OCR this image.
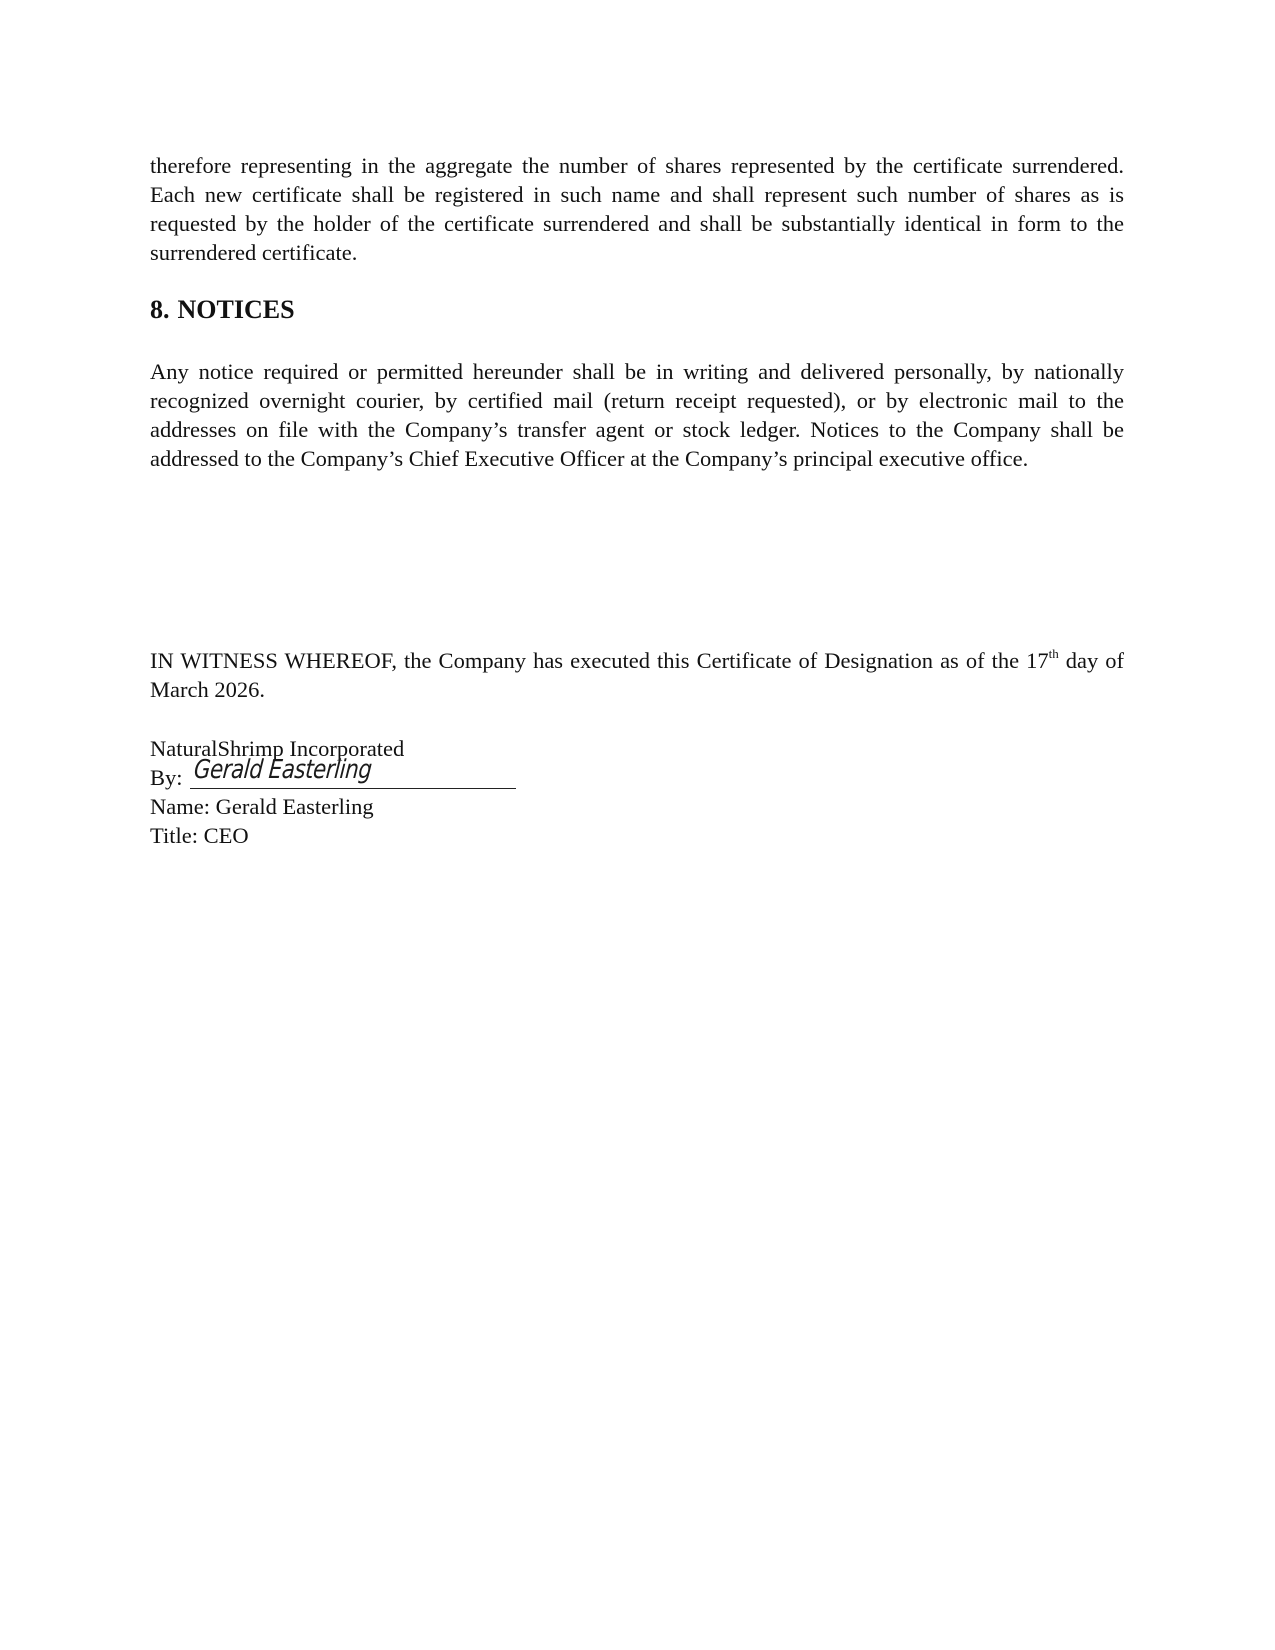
therefore representing in the aggregate the number of shares represented by the certificate surrendered. Each new certificate shall be registered in such name and shall represent such number of shares as is requested by the holder of the certificate surrendered and shall be substantially identical in form to the surrendered certificate.

8. NOTICES

Any notice required or permitted hereunder shall be in writing and delivered personally, by nationally recognized overnight courier, by certified mail (return receipt requested), or by electronic mail to the addresses on file with the Company’s transfer agent or stock ledger. Notices to the Company shall be addressed to the Company’s Chief Executive Officer at the Company’s principal executive office.

IN WITNESS WHEREOF, the Company has executed this Certificate of Designation as of the 17th day of March 2026.

NaturalShrimp Incorporated
By: Gerald Easterling
Name: Gerald Easterling
Title: CEO
